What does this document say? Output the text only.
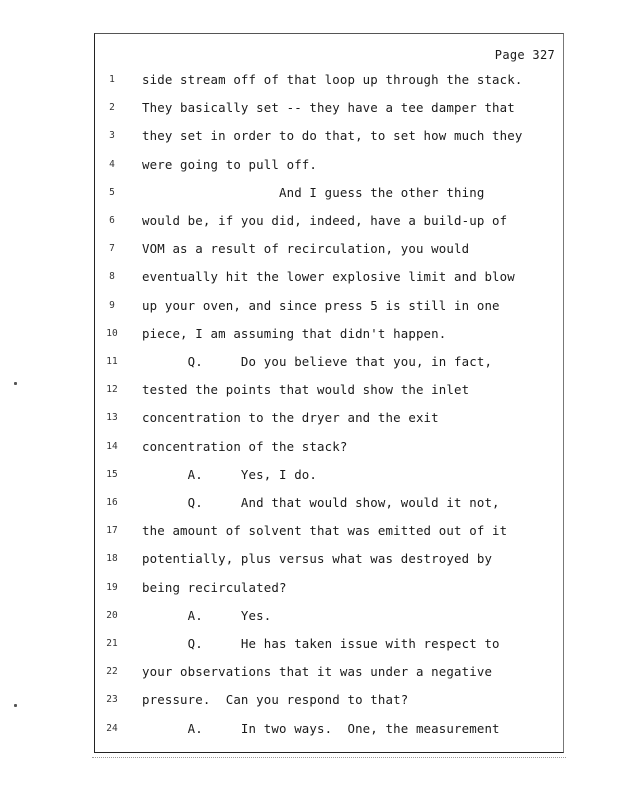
Page 327
1	side stream off of that loop up through the stack.
2	They basically set -- they have a tee damper that
3	they set in order to do that, to set how much they
4	were going to pull off.
5	And I guess the other thing
6	would be, if you did, indeed, have a build-up of
7	VOM as a result of recirculation, you would
8	eventually hit the lower explosive limit and blow
9	up your oven, and since press 5 is still in one
10	piece, I am assuming that didn't happen.
11	Q.     Do you believe that you, in fact,
12	tested the points that would show the inlet
13	concentration to the dryer and the exit
14	concentration of the stack?
15	A.     Yes, I do.
16	Q.     And that would show, would it not,
17	the amount of solvent that was emitted out of it
18	potentially, plus versus what was destroyed by
19	being recirculated?
20	A.     Yes.
21	Q.     He has taken issue with respect to
22	your observations that it was under a negative
23	pressure.  Can you respond to that?
24	A.     In two ways.  One, the measurement
